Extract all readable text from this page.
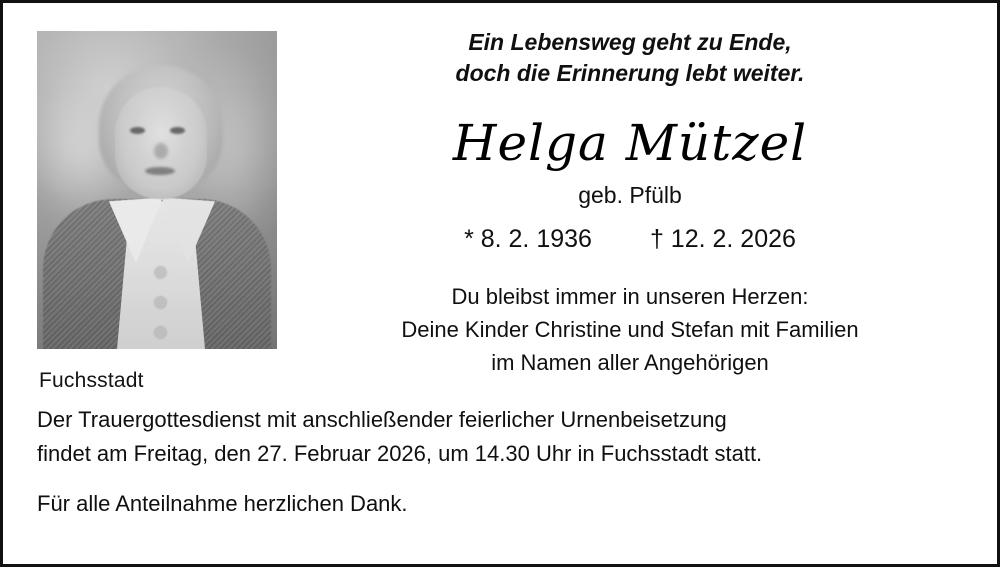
Fuchsstadt
Ein Lebensweg geht zu Ende,
doch die Erinnerung lebt weiter.
Helga Mützel
geb. Pfülb
* 8. 2. 1936 † 12. 2. 2026
Du bleibst immer in unseren Herzen:
Deine Kinder Christine und Stefan mit Familien
im Namen aller Angehörigen
Der Trauergottesdienst mit anschließender feierlicher Urnenbeisetzung
findet am Freitag, den 27. Februar 2026, um 14.30 Uhr in Fuchsstadt statt.
Für alle Anteilnahme herzlichen Dank.
